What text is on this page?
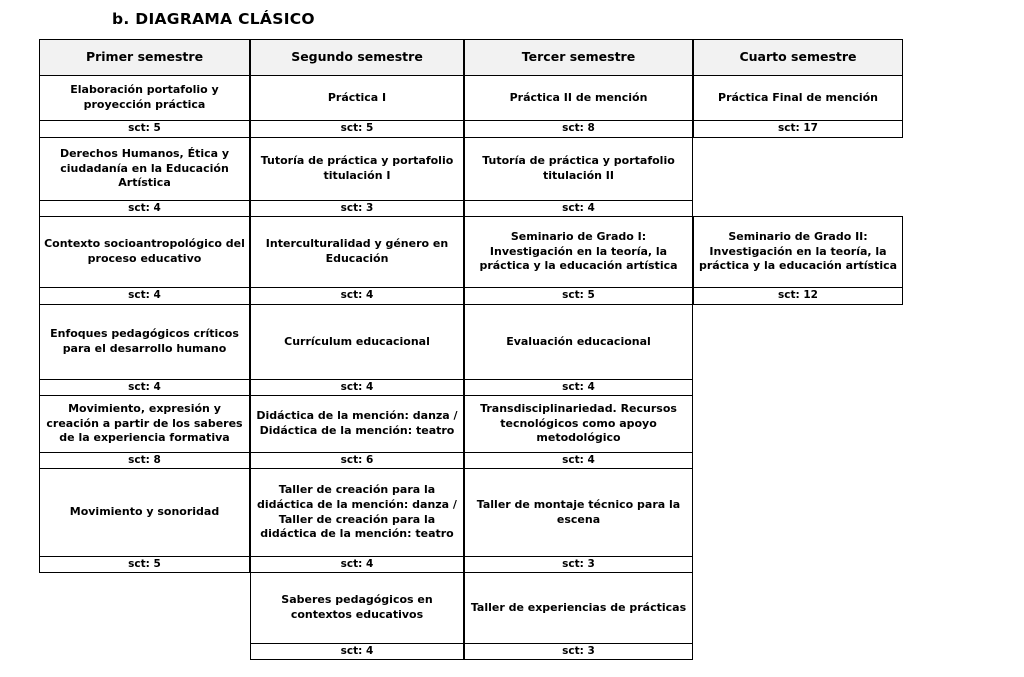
b. DIAGRAMA CLÁSICO
Primer semestre
Elaboración portafolio y proyección práctica
sct: 5
Derechos Humanos, Ética y ciudadanía en la Educación Artística
sct: 4
Contexto socioantropológico del proceso educativo
sct: 4
Enfoques pedagógicos críticos para el desarrollo humano
sct: 4
Movimiento, expresión y creación a partir de los saberes de la experiencia formativa
sct: 8
Movimiento y sonoridad
sct: 5
Segundo semestre
Práctica I
sct: 5
Tutoría de práctica y portafolio titulación I
sct: 3
Interculturalidad y género en Educación
sct: 4
Currículum educacional
sct: 4
Didáctica de la mención: danza / Didáctica de la mención: teatro
sct: 6
Taller de creación para la didáctica de la mención: danza / Taller de creación para la didáctica de la mención: teatro
sct: 4
Saberes pedagógicos en contextos educativos
sct: 4
Tercer semestre
Práctica II de mención
sct: 8
Tutoría de práctica y portafolio titulación II
sct: 4
Seminario de Grado I: Investigación en la teoría, la práctica y la educación artística
sct: 5
Evaluación educacional
sct: 4
Transdisciplinariedad. Recursos tecnológicos como apoyo metodológico
sct: 4
Taller de montaje técnico para la escena
sct: 3
Taller de experiencias de prácticas
sct: 3
Cuarto semestre
Práctica Final de mención
sct: 17
Seminario de Grado II: Investigación en la teoría, la práctica y la educación artística
sct: 12
